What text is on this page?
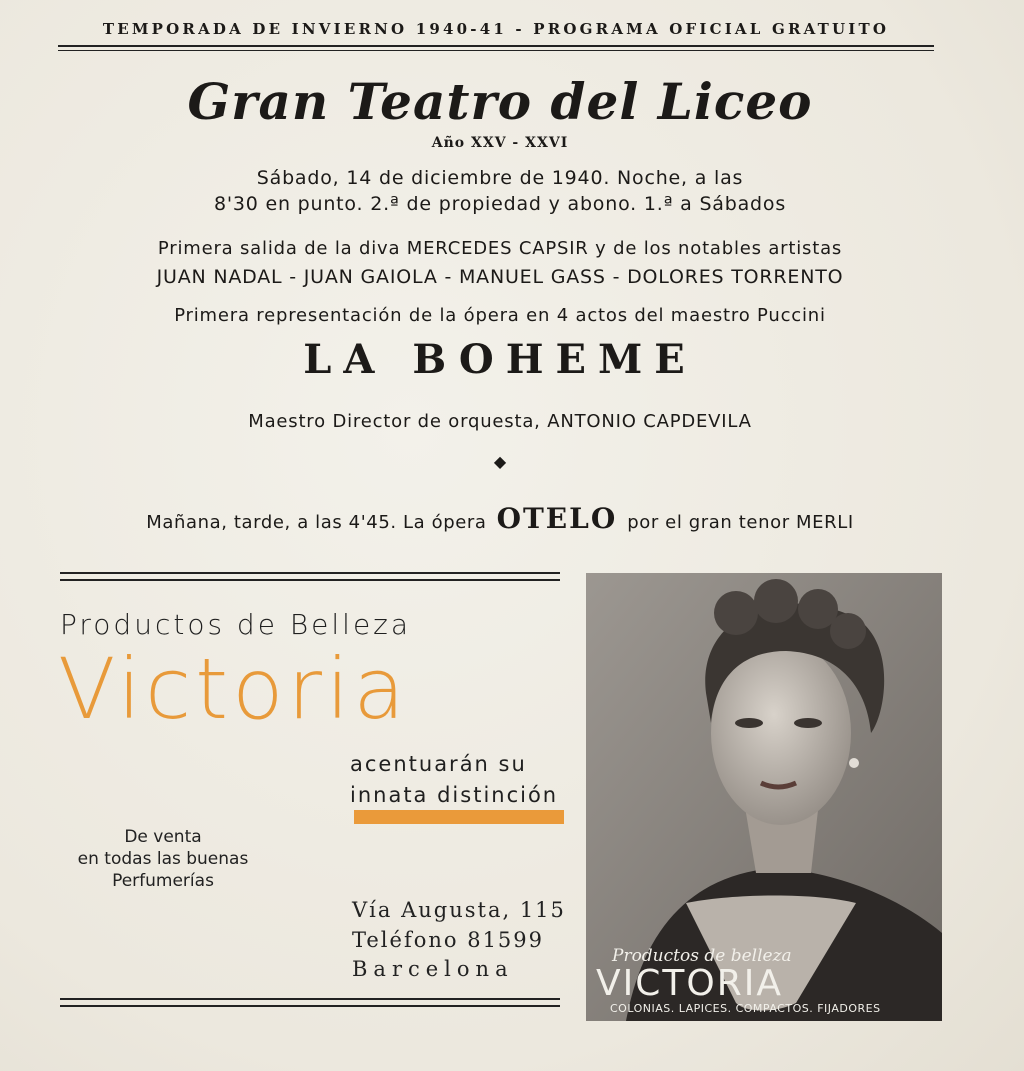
TEMPORADA DE INVIERNO 1940-41 - PROGRAMA OFICIAL GRATUITO
Gran Teatro del Liceo
Año XXV - XXVI
Sábado, 14 de diciembre de 1940. Noche, a las
8'30 en punto. 2.ª de propiedad y abono. 1.ª a Sábados
Primera salida de la diva MERCEDES CAPSIR y de los notables artistas
JUAN NADAL - JUAN GAIOLA - MANUEL GASS - DOLORES TORRENTO
Primera representación de la ópera en 4 actos del maestro Puccini
LA BOHEME
Maestro Director de orquesta, ANTONIO CAPDEVILA
◆
Mañana, tarde, a las 4'45. La ópera OTELO por el gran tenor MERLI
Productos de Belleza
Victoria
acentuarán su
innata distinción
De venta
en todas las buenas
Perfumerías
Vía Augusta, 115
Teléfono 81599
Barcelona
Productos de belleza
VICTORIA
COLONIAS. LAPICES. COMPACTOS. FIJADORES
